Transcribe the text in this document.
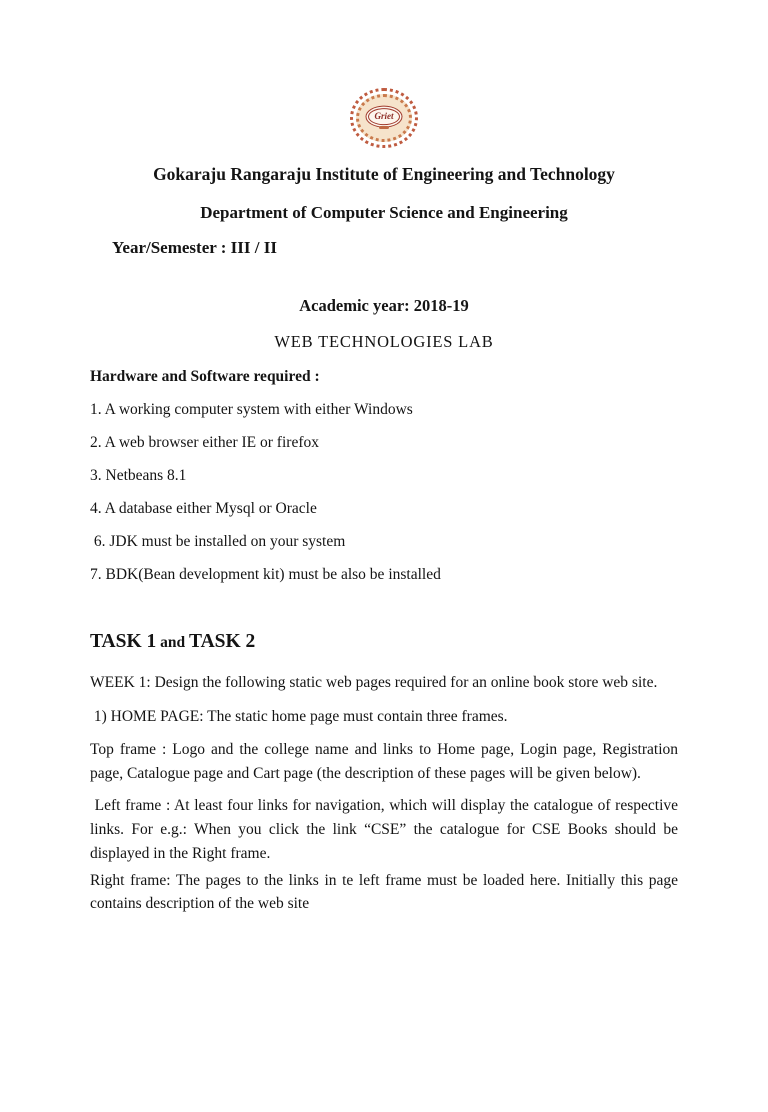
Griet
Gokaraju Rangaraju Institute of Engineering and Technology
Department of Computer Science and Engineering
Year/Semester : III / II
Academic year: 2018-19
WEB TECHNOLOGIES LAB
Hardware and Software required :
1. A working computer system with either Windows
2. A web browser either IE or firefox
3. Netbeans 8.1
4. A database either Mysql or Oracle
6. JDK must be installed on your system
7. BDK(Bean development kit) must be also be installed
TASK 1 and TASK 2
WEEK 1: Design the following static web pages required for an online book store web site.
1) HOME PAGE: The static home page must contain three frames.
Top frame : Logo and the college name and links to Home page, Login page, Registration page, Catalogue page and Cart page (the description of these pages will be given below).
Left frame : At least four links for navigation, which will display the catalogue of respective links. For e.g.: When you click the link “CSE” the catalogue for CSE Books should be displayed in the Right frame.
Right frame: The pages to the links in te left frame must be loaded here. Initially this page contains description of the web site
